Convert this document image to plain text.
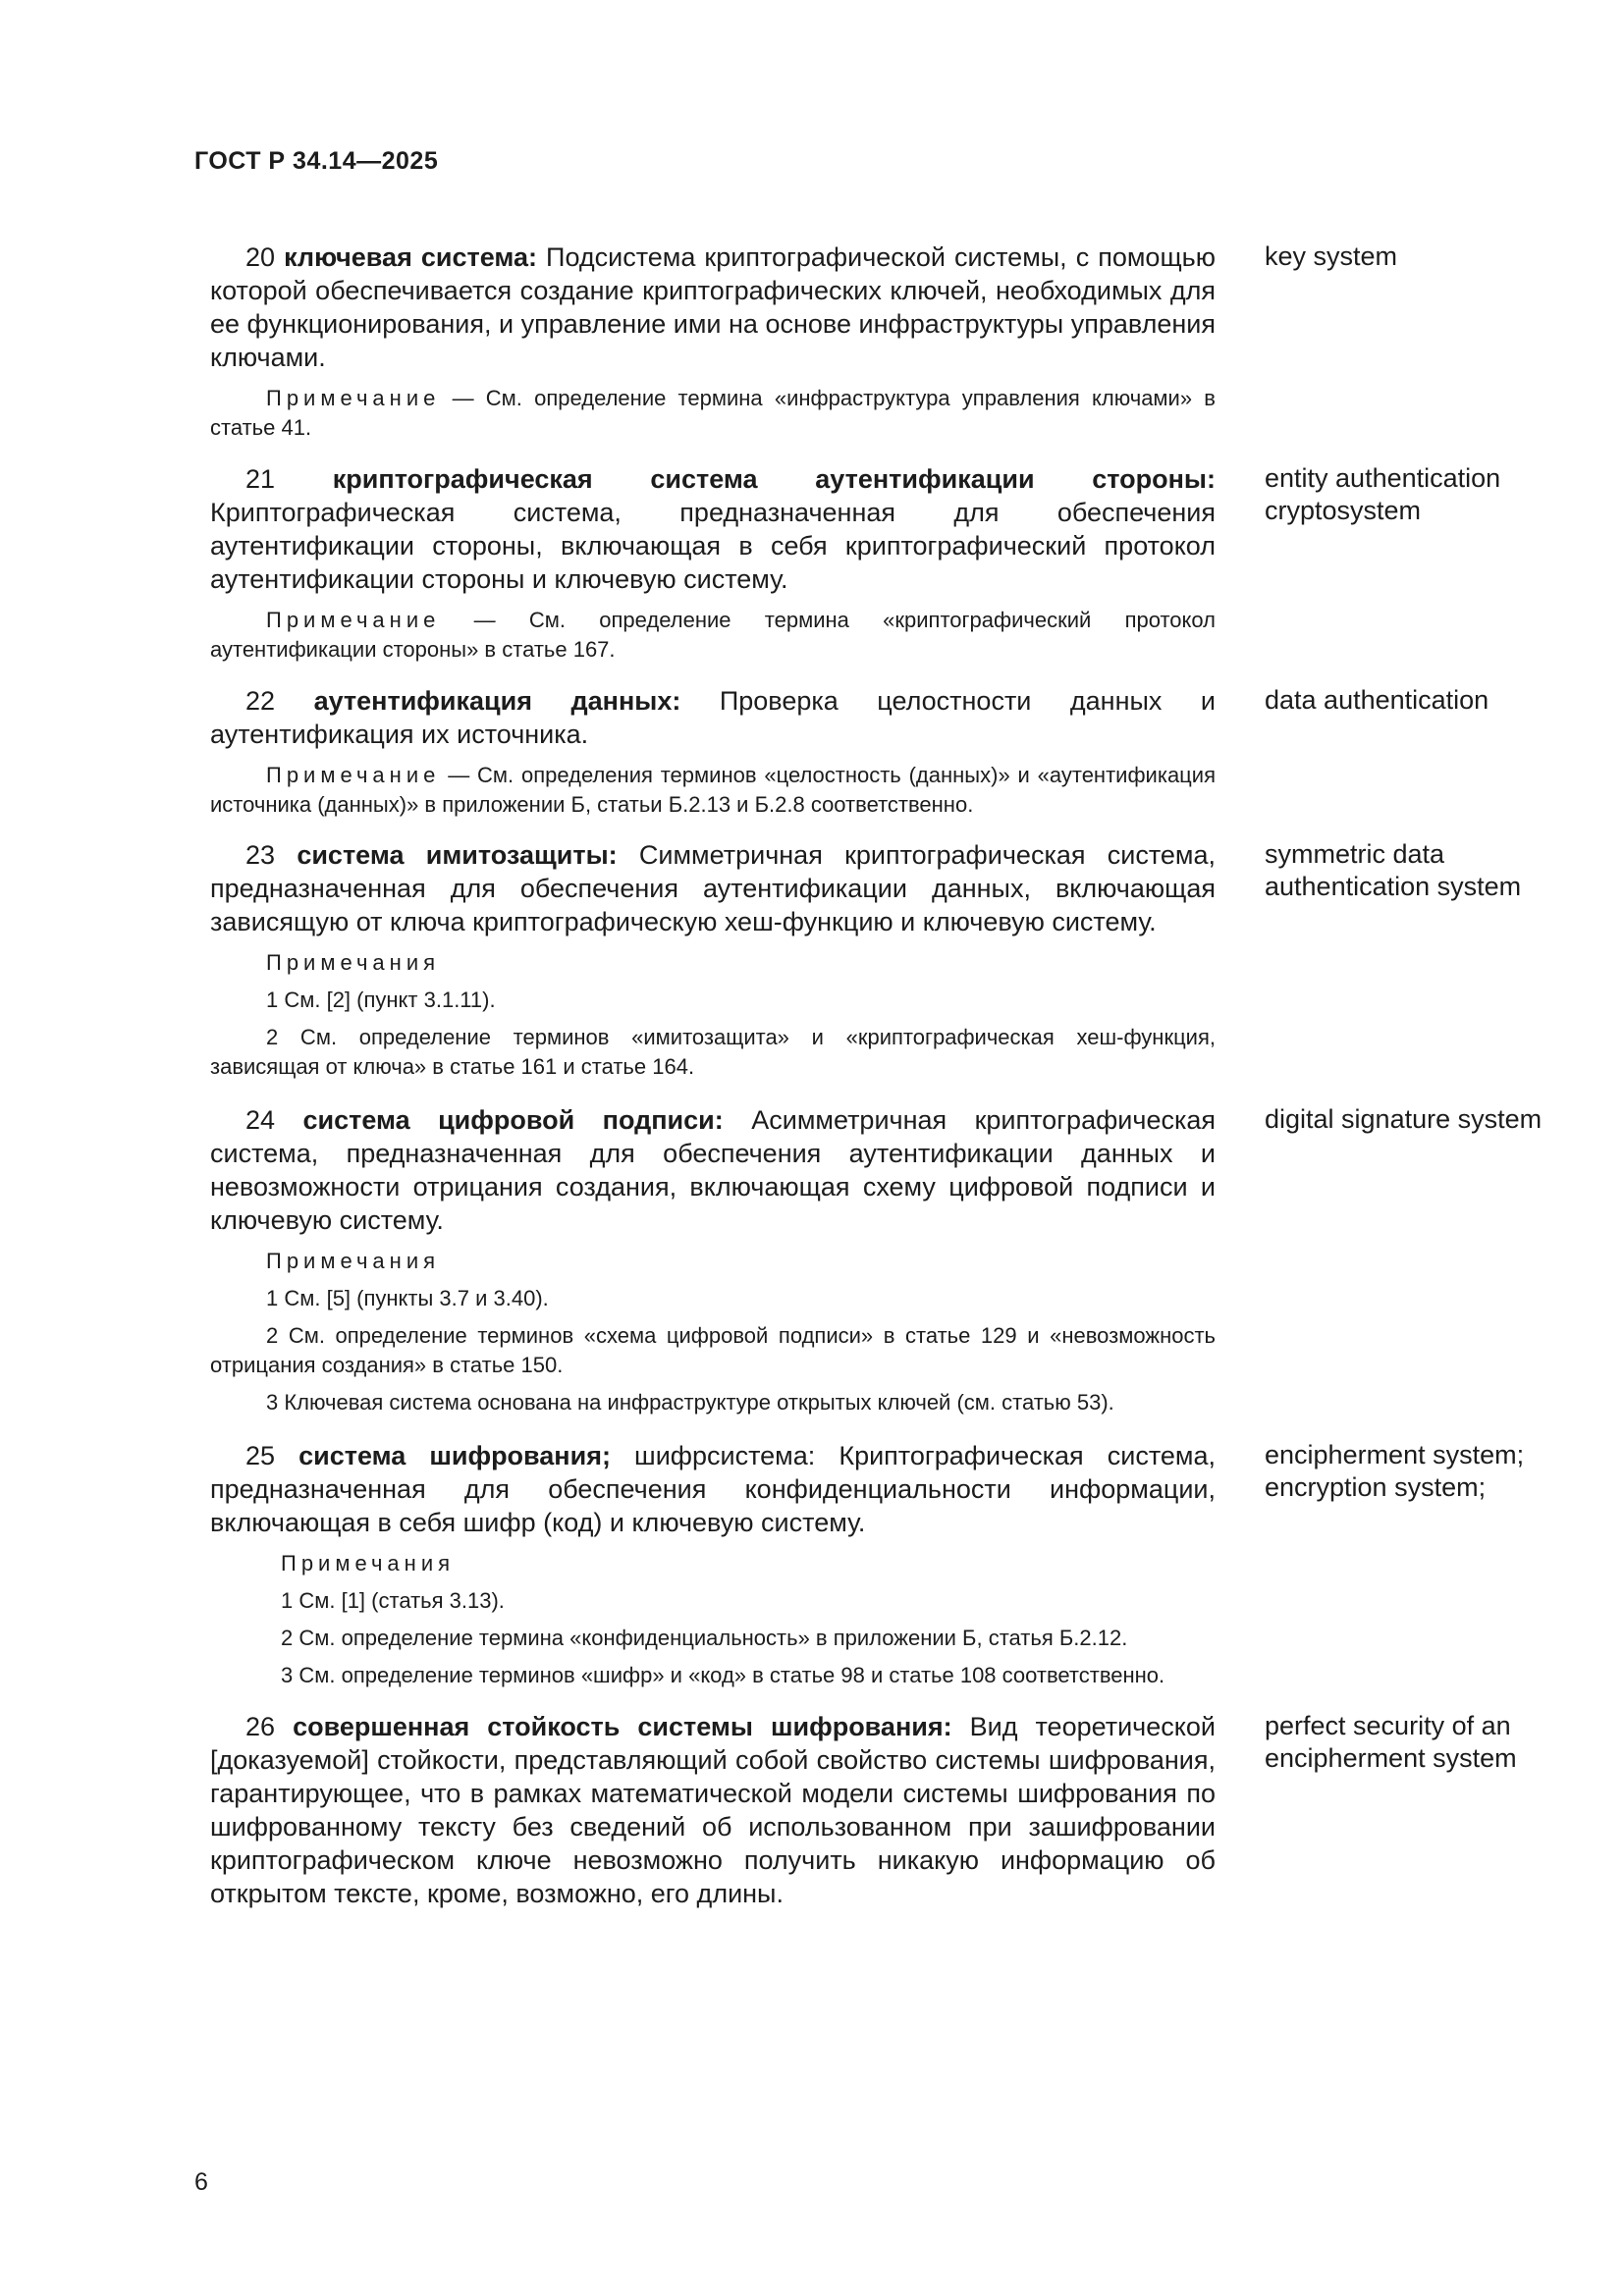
ГОСТ Р 34.14—2025

20 ключевая система: Подсистема криптографической системы, с помощью которой обеспечивается создание криптографических ключей, необходимых для ее функционирования, и управление ими на основе инфраструктуры управления ключами.

Примечание — См. определение термина «инфраструктура управления ключами» в статье 41.

key system

21 криптографическая система аутентификации стороны: Криптографическая система, предназначенная для обеспечения аутентификации стороны, включающая в себя криптографический протокол аутентификации стороны и ключевую систему.

Примечание — См. определение термина «криптографический протокол аутентификации стороны» в статье 167.

entity authentication cryptosystem

22 аутентификация данных: Проверка целостности данных и аутентификация их источника.

Примечание — См. определения терминов «целостность (данных)» и «аутентификация источника (данных)» в приложении Б, статьи Б.2.13 и Б.2.8 соответственно.

data authentication

23 система имитозащиты: Симметричная криптографическая система, предназначенная для обеспечения аутентификации данных, включающая зависящую от ключа криптографическую хеш-функцию и ключевую систему.

Примечания

1 См. [2] (пункт 3.1.11).

2 См. определение терминов «имитозащита» и «криптографическая хеш-функция, зависящая от ключа» в статье 161 и статье 164.

symmetric data authentication system

24 система цифровой подписи: Асимметричная криптографическая система, предназначенная для обеспечения аутентификации данных и невозможности отрицания создания, включающая схему цифровой подписи и ключевую систему.

Примечания

1 См. [5] (пункты 3.7 и 3.40).

2 См. определение терминов «схема цифровой подписи» в статье 129 и «невозможность отрицания создания» в статье 150.

3 Ключевая система основана на инфраструктуре открытых ключей (см. статью 53).

digital signature system

25 система шифрования; шифрсистема: Криптографическая система, предназначенная для обеспечения конфиденциальности информации, включающая в себя шифр (код) и ключевую систему.

Примечания

1 См. [1] (статья 3.13).

2 См. определение термина «конфиденциальность» в приложении Б, статья Б.2.12.

3 См. определение терминов «шифр» и «код» в статье 98 и статье 108 соответственно.

encipherment system; encryption system;

26 совершенная стойкость системы шифрования: Вид теоретической [доказуемой] стойкости, представляющий собой свойство системы шифрования, гарантирующее, что в рамках математической модели системы шифрования по шифрованному тексту без сведений об использованном при зашифровании криптографическом ключе невозможно получить никакую информацию об открытом тексте, кроме, возможно, его длины.

perfect security of an encipherment system
6
